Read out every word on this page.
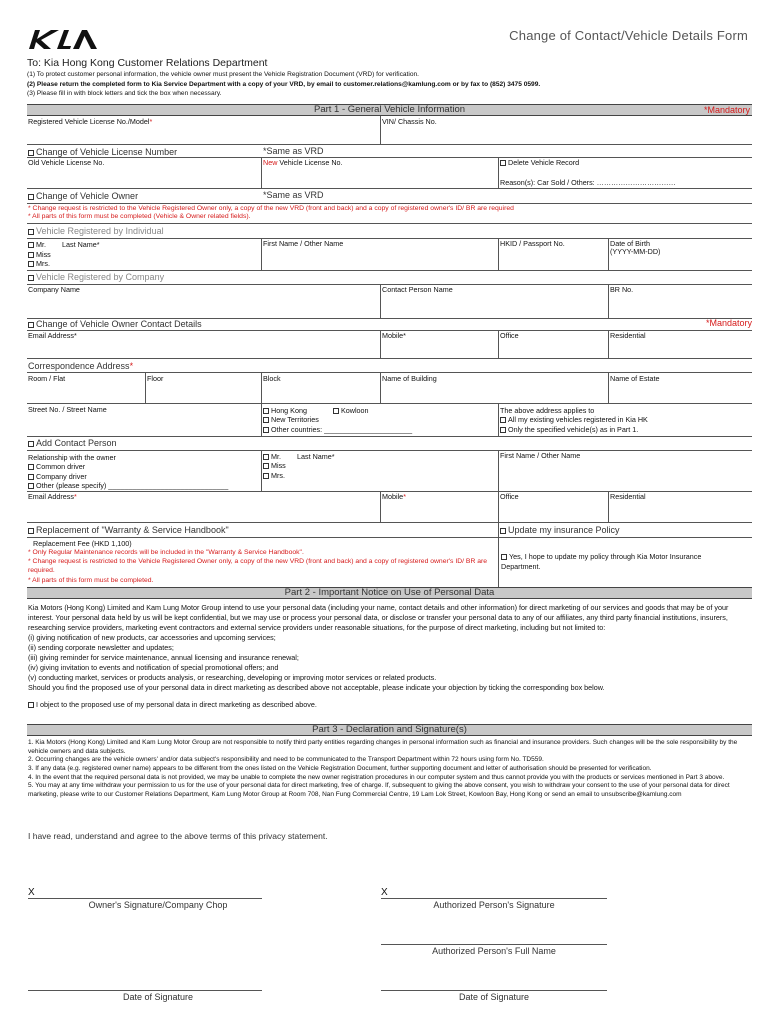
Change of Contact/Vehicle Details Form
To: Kia Hong Kong Customer Relations Department
(1) To protect customer personal information, the vehicle owner must present the Vehicle Registration Document (VRD) for verification.
(2) Please return the completed form to Kia Service Department with a copy of your VRD, by email to customer.relations@kamlung.com or by fax to (852) 3475 0599.
(3) Please fill in with block letters and tick the box when necessary.
Part 1 - General Vehicle Information	*Mandatory
Registered Vehicle License No./Model*	VIN/ Chassis No.
Change of Vehicle License Number	*Same as VRD
Old Vehicle License No.	New Vehicle License No.	Delete Vehicle Record
Reason(s): Car Sold / Others: ……………………………
Change of Vehicle Owner	*Same as VRD
* Change request is restricted to the Vehicle Registered Owner only, a copy of the new VRD (front and back) and a copy of registered owner's ID/ BR are required
* All parts of this form must be completed (Vehicle & Owner related fields).
Vehicle Registered by Individual
Mr. Last Name*
Miss
Mrs.
First Name / Other Name	HKID / Passport No.	Date of Birth
(YYYY-MM-DD)
Vehicle Registered by Company
Company Name	Contact Person Name	BR No.
Change of Vehicle Owner Contact Details	*Mandatory
Email Address*	Mobile*	Office	Residential
Correspondence Address*
Room / Flat	Floor	Block	Name of Building	Name of Estate
Street No. / Street Name	Hong Kong	Kowloon
New Territories
Other countries: ______________________
The above address applies to
All my existing vehicles registered in Kia HK
Only the specified vehicle(s) as in Part 1.
Add Contact Person
Relationship with the owner
Common driver
Company driver
Other (please specify) ______________________________
Mr. Last Name*
Miss
Mrs.
First Name / Other Name
Email Address*	Mobile*	Office	Residential
Replacement of "Warranty & Service Handbook"	Update my insurance Policy
Replacement Fee (HKD 1,100)
* Only Regular Maintenance records will be included in the "Warranty & Service Handbook".
* Change request is restricted to the Vehicle Registered Owner only, a copy of the new VRD (front and back) and a copy of registered owner's ID/ BR are required.
* All parts of this form must be completed.
Yes, I hope to update my policy through Kia Motor Insurance Department.
Part 2 - Important Notice on Use of Personal Data
Kia Motors (Hong Kong) Limited and Kam Lung Motor Group intend to use your personal data (including your name, contact details and other information) for direct marketing of our services and goods that may be of your interest. Your personal data held by us will be kept confidential, but we may use or process your personal data, or disclose or transfer your personal data to any of our affiliates, any third party financial institutions, insurers, researching service providers, marketing event contractors and external service providers under reasonable situations, for the purpose of direct marketing, including but not limited to:
(i) giving notification of new products, car accessories and upcoming services;
(ii) sending corporate newsletter and updates;
(iii) giving reminder for service maintenance, annual licensing and insurance renewal;
(iv) giving invitation to events and notification of special promotional offers; and
(v) conducting market, services or products analysis, or researching, developing or improving motor services or related products.
Should you find the proposed use of your personal data in direct marketing as described above not acceptable, please indicate your objection by ticking the corresponding box below.
I object to the proposed use of my personal data in direct marketing as described above.
Part 3 - Declaration and Signature(s)
1. Kia Motors (Hong Kong) Limited and Kam Lung Motor Group are not responsible to notify third party entities regarding changes in personal information such as financial and insurance providers. Such changes will be the sole responsibility by the vehicle owners and data subjects.
2. Occurring changes are the vehicle owners' and/or data subject's responsibility and need to be communicated to the Transport Department within 72 hours using form No. TD559.
3. If any data (e.g. registered owner name) appears to be different from the ones listed on the Vehicle Registration Document, further supporting document and letter of authorisation should be presented for verification.
4. In the event that the required personal data is not provided, we may be unable to complete the new owner registration procedures in our computer system and thus cannot provide you with the products or services mentioned in Part 3 above.
5. You may at any time withdraw your permission to us for the use of your personal data for direct marketing, free of charge. If, subsequent to giving the above consent, you wish to withdraw your consent to the use of your personal data for direct marketing, please write to our Customer Relations Department, Kam Lung Motor Group at Room 708, Nan Fung Commercial Centre, 19 Lam Lok Street, Kowloon Bay, Hong Kong or send an email to unsubscribe@kamlung.com
I have read, understand and agree to the above terms of this privacy statement.
X
Owner's Signature/Company Chop
X
Authorized Person's Signature
Authorized Person's Full Name
Date of Signature	Date of Signature
